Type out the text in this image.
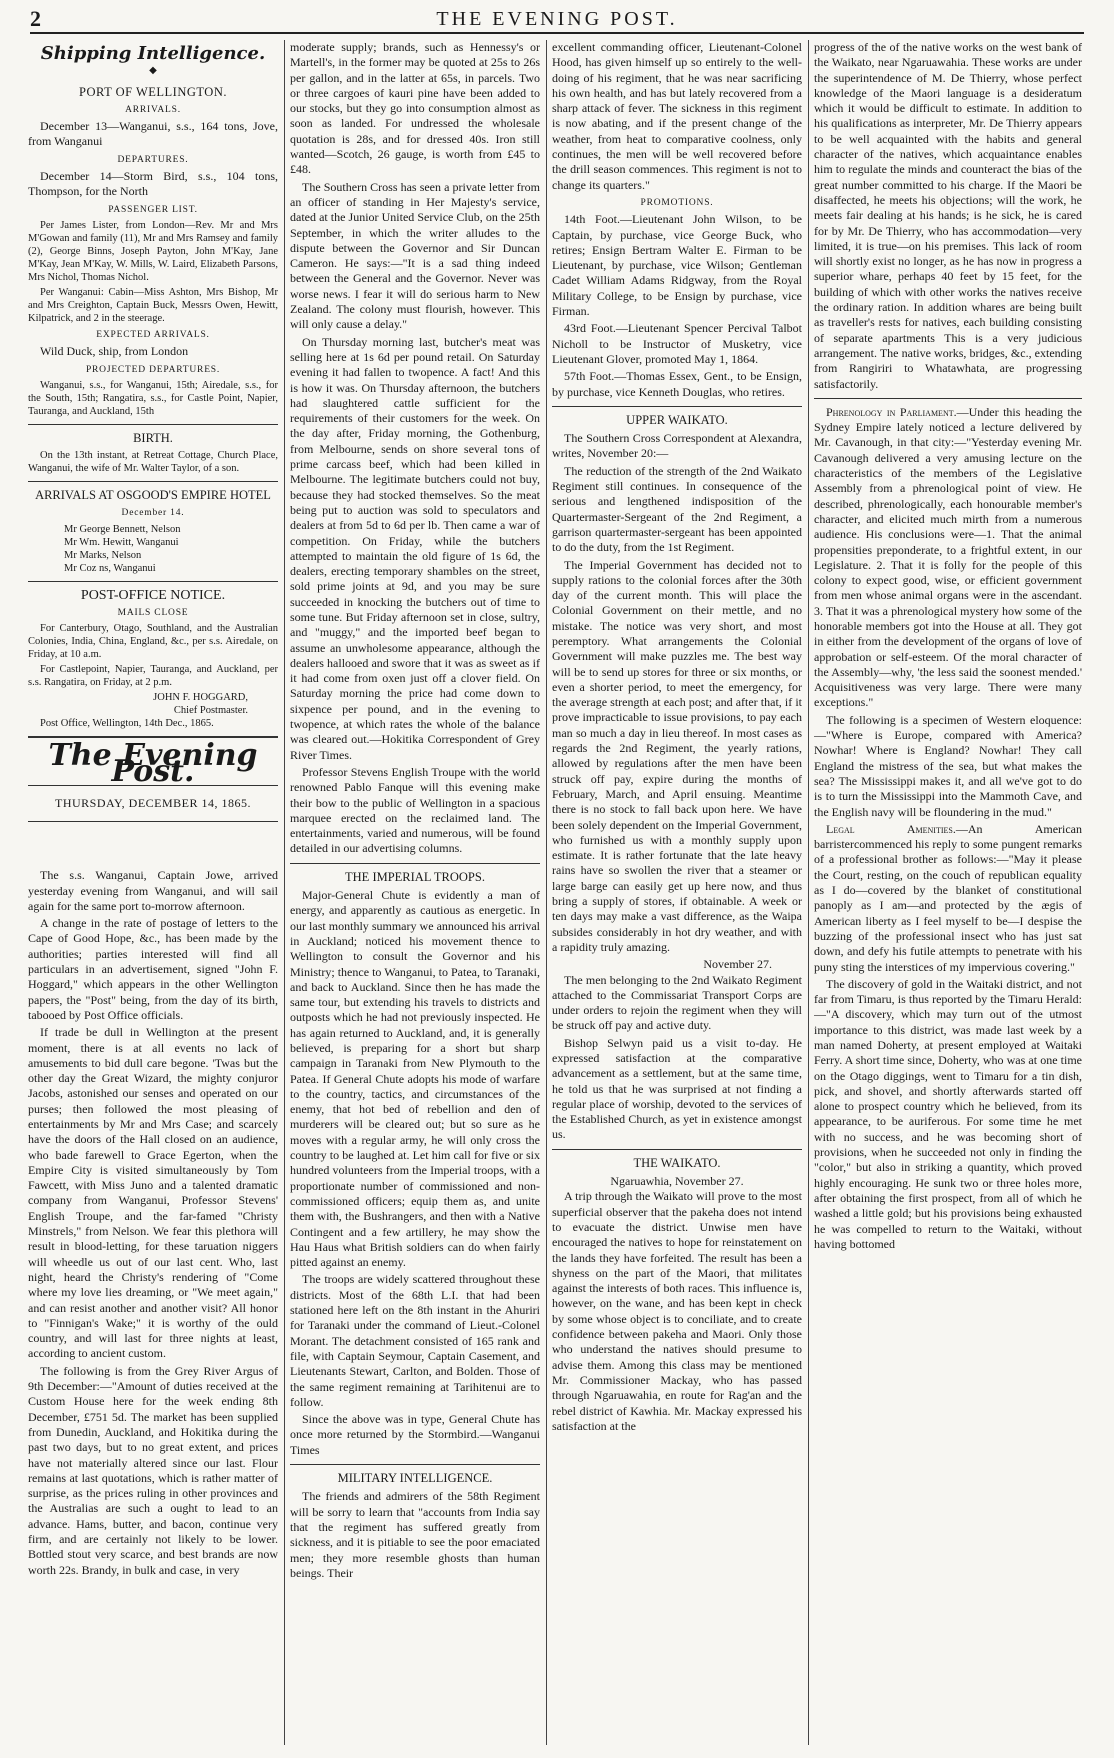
2	THE EVENING POST.
Shipping Intelligence.
◆
PORT OF WELLINGTON.
ARRIVALS.

December 13—Wanganui, s.s., 164 tons, Jove, from Wanganui

DEPARTURES.

December 14—Storm Bird, s.s., 104 tons, Thompson, for the North

PASSENGER LIST.

Per James Lister, from London—Rev. Mr and Mrs M'Gowan and family (11), Mr and Mrs Ramsey and family (2), George Binns, Joseph Payton, John M'Kay, Jane M'Kay, Jean M'Kay, W. Mills, W. Laird, Elizabeth Parsons, Mrs Nichol, Thomas Nichol.

Per Wanganui: Cabin—Miss Ashton, Mrs Bishop, Mr and Mrs Creighton, Captain Buck, Messrs Owen, Hewitt, Kilpatrick, and 2 in the steerage.

EXPECTED ARRIVALS.

Wild Duck, ship, from London

PROJECTED DEPARTURES.

Wanganui, s.s., for Wanganui, 15th; Airedale, s.s., for the South, 15th; Rangatira, s.s., for Castle Point, Napier, Tauranga, and Auckland, 15th

BIRTH.

On the 13th instant, at Retreat Cottage, Church Place, Wanganui, the wife of Mr. Walter Taylor, of a son.

ARRIVALS AT OSGOOD'S EMPIRE HOTEL
December 14.
Mr George Bennett, Nelson
Mr Wm. Hewitt, Wanganui
Mr Marks, Nelson
Mr Coz ns, Wanganui
POST-OFFICE NOTICE.
MAILS CLOSE

For Canterbury, Otago, Southland, and the Australian Colonies, India, China, England, &c., per s.s. Airedale, on Friday, at 10 a.m.

For Castlepoint, Napier, Tauranga, and Auckland, per s.s. Rangatira, on Friday, at 2 p.m.

JOHN F. HOGGARD,
Chief Postmaster.

Post Office, Wellington, 14th Dec., 1865.

The Evening Post.
THURSDAY, DECEMBER 14, 1865.

The s.s. Wanganui, Captain Jowe, arrived yesterday evening from Wanganui, and will sail again for the same port to-morrow afternoon.

A change in the rate of postage of letters to the Cape of Good Hope, &c., has been made by the authorities; parties interested will find all particulars in an advertisement, signed "John F. Hoggard," which appears in the other Wellington papers, the "Post" being, from the day of its birth, tabooed by Post Office officials.

If trade be dull in Wellington at the present moment, there is at all events no lack of amusements to bid dull care begone. 'Twas but the other day the Great Wizard, the mighty conjuror Jacobs, astonished our senses and operated on our purses; then followed the most pleasing of entertainments by Mr and Mrs Case; and scarcely have the doors of the Hall closed on an audience, who bade farewell to Grace Egerton, when the Empire City is visited simultaneously by Tom Fawcett, with Miss Juno and a talented dramatic company from Wanganui, Professor Stevens' English Troupe, and the far-famed "Christy Minstrels," from Nelson. We fear this plethora will result in blood-letting, for these taruation niggers will wheedle us out of our last cent. Who, last night, heard the Christy's rendering of "Come where my love lies dreaming, or "We meet again," and can resist another and another visit? All honor to "Finnigan's Wake;" it is worthy of the ould country, and will last for three nights at least, according to ancient custom.

The following is from the Grey River Argus of 9th December:—"Amount of duties received at the Custom House here for the week ending 8th December, £751 5d. The market has been supplied from Dunedin, Auckland, and Hokitika during the past two days, but to no great extent, and prices have not materially altered since our last. Flour remains at last quotations, which is rather matter of surprise, as the prices ruling in other provinces and the Australias are such a ought to lead to an advance. Hams, butter, and bacon, continue very firm, and are certainly not likely to be lower. Bottled stout very scarce, and best brands are now worth 22s. Brandy, in bulk and case, in very

moderate supply; brands, such as Hennessy's or Martell's, in the former may be quoted at 25s to 26s per gallon, and in the latter at 65s, in parcels. Two or three cargoes of kauri pine have been added to our stocks, but they go into consumption almost as soon as landed. For undressed the wholesale quotation is 28s, and for dressed 40s. Iron still wanted—Scotch, 26 gauge, is worth from £45 to £48.

The Southern Cross has seen a private letter from an officer of standing in Her Majesty's service, dated at the Junior United Service Club, on the 25th September, in which the writer alludes to the dispute between the Governor and Sir Duncan Cameron. He says:—"It is a sad thing indeed between the General and the Governor. Never was worse news. I fear it will do serious harm to New Zealand. The colony must flourish, however. This will only cause a delay."

On Thursday morning last, butcher's meat was selling here at 1s 6d per pound retail. On Saturday evening it had fallen to twopence. A fact! And this is how it was. On Thursday afternoon, the butchers had slaughtered cattle sufficient for the requirements of their customers for the week. On the day after, Friday morning, the Gothenburg, from Melbourne, sends on shore several tons of prime carcass beef, which had been killed in Melbourne. The legitimate butchers could not buy, because they had stocked themselves. So the meat being put to auction was sold to speculators and dealers at from 5d to 6d per lb. Then came a war of competition. On Friday, while the butchers attempted to maintain the old figure of 1s 6d, the dealers, erecting temporary shambles on the street, sold prime joints at 9d, and you may be sure succeeded in knocking the butchers out of time to some tune. But Friday afternoon set in close, sultry, and "muggy," and the imported beef began to assume an unwholesome appearance, although the dealers hallooed and swore that it was as sweet as if it had come from oxen just off a clover field. On Saturday morning the price had come down to sixpence per pound, and in the evening to twopence, at which rates the whole of the balance was cleared out.—Hokitika Correspondent of Grey River Times.

Professor Stevens English Troupe with the world renowned Pablo Fanque will this evening make their bow to the public of Wellington in a spacious marquee erected on the reclaimed land. The entertainments, varied and numerous, will be found detailed in our advertising columns.

THE IMPERIAL TROOPS.

Major-General Chute is evidently a man of energy, and apparently as cautious as energetic. In our last monthly summary we announced his arrival in Auckland; noticed his movement thence to Wellington to consult the Governor and his Ministry; thence to Wanganui, to Patea, to Taranaki, and back to Auckland. Since then he has made the same tour, but extending his travels to districts and outposts which he had not previously inspected. He has again returned to Auckland, and, it is generally believed, is preparing for a short but sharp campaign in Taranaki from New Plymouth to the Patea. If General Chute adopts his mode of warfare to the country, tactics, and circumstances of the enemy, that hot bed of rebellion and den of murderers will be cleared out; but so sure as he moves with a regular army, he will only cross the country to be laughed at. Let him call for five or six hundred volunteers from the Imperial troops, with a proportionate number of commissioned and non-commissioned officers; equip them as, and unite them with, the Bushrangers, and then with a Native Contingent and a few artillery, he may show the Hau Haus what British soldiers can do when fairly pitted against an enemy.

The troops are widely scattered throughout these districts. Most of the 68th L.I. that had been stationed here left on the 8th instant in the Ahuriri for Taranaki under the command of Lieut.-Colonel Morant. The detachment consisted of 165 rank and file, with Captain Seymour, Captain Casement, and Lieutenants Stewart, Carlton, and Bolden. Those of the same regiment remaining at Tarihitenui are to follow.

Since the above was in type, General Chute has once more returned by the Stormbird.—Wanganui Times

MILITARY INTELLIGENCE.

The friends and admirers of the 58th Regiment will be sorry to learn that "accounts from India say that the regiment has suffered greatly from sickness, and it is pitiable to see the poor emaciated men; they more resemble ghosts than human beings. Their

excellent commanding officer, Lieutenant-Colonel Hood, has given himself up so entirely to the well-doing of his regiment, that he was near sacrificing his own health, and has but lately recovered from a sharp attack of fever. The sickness in this regiment is now abating, and if the present change of the weather, from heat to comparative coolness, only continues, the men will be well recovered before the drill season commences. This regiment is not to change its quarters."

PROMOTIONS.

14th Foot.—Lieutenant John Wilson, to be Captain, by purchase, vice George Buck, who retires; Ensign Bertram Walter E. Firman to be Lieutenant, by purchase, vice Wilson; Gentleman Cadet William Adams Ridgway, from the Royal Military College, to be Ensign by purchase, vice Firman.

43rd Foot.—Lieutenant Spencer Percival Talbot Nicholl to be Instructor of Musketry, vice Lieutenant Glover, promoted May 1, 1864.

57th Foot.—Thomas Essex, Gent., to be Ensign, by purchase, vice Kenneth Douglas, who retires.

UPPER WAIKATO.

The Southern Cross Correspondent at Alexandra, writes, November 20:—

The reduction of the strength of the 2nd Waikato Regiment still continues. In consequence of the serious and lengthened indisposition of the Quartermaster-Sergeant of the 2nd Regiment, a garrison quartermaster-sergeant has been appointed to do the duty, from the 1st Regiment.

The Imperial Government has decided not to supply rations to the colonial forces after the 30th day of the current month. This will place the Colonial Government on their mettle, and no mistake. The notice was very short, and most peremptory. What arrangements the Colonial Government will make puzzles me. The best way will be to send up stores for three or six months, or even a shorter period, to meet the emergency, for the average strength at each post; and after that, if it prove impracticable to issue provisions, to pay each man so much a day in lieu thereof. In most cases as regards the 2nd Regiment, the yearly rations, allowed by regulations after the men have been struck off pay, expire during the months of February, March, and April ensuing. Meantime there is no stock to fall back upon here. We have been solely dependent on the Imperial Government, who furnished us with a monthly supply upon estimate. It is rather fortunate that the late heavy rains have so swollen the river that a steamer or large barge can easily get up here now, and thus bring a supply of stores, if obtainable. A week or ten days may make a vast difference, as the Waipa subsides considerably in hot dry weather, and with a rapidity truly amazing.

November 27.

The men belonging to the 2nd Waikato Regiment attached to the Commissariat Transport Corps are under orders to rejoin the regiment when they will be struck off pay and active duty.

Bishop Selwyn paid us a visit to-day. He expressed satisfaction at the comparative advancement as a settlement, but at the same time, he told us that he was surprised at not finding a regular place of worship, devoted to the services of the Established Church, as yet in existence amongst us.

THE WAIKATO.
Ngaruawhia, November 27.

A trip through the Waikato will prove to the most superficial observer that the pakeha does not intend to evacuate the district. Unwise men have encouraged the natives to hope for reinstatement on the lands they have forfeited. The result has been a shyness on the part of the Maori, that militates against the interests of both races. This influence is, however, on the wane, and has been kept in check by some whose object is to conciliate, and to create confidence between pakeha and Maori. Only those who understand the natives should presume to advise them. Among this class may be mentioned Mr. Commissioner Mackay, who has passed through Ngaruawahia, en route for Rag'an and the rebel district of Kawhia. Mr. Mackay expressed his satisfaction at the

progress of the of the native works on the west bank of the Waikato, near Ngaruawahia. These works are under the superintendence of M. De Thierry, whose perfect knowledge of the Maori language is a desideratum which it would be difficult to estimate. In addition to his qualifications as interpreter, Mr. De Thierry appears to be well acquainted with the habits and general character of the natives, which acquaintance enables him to regulate the minds and counteract the bias of the great number committed to his charge. If the Maori be disaffected, he meets his objections; will the work, he meets fair dealing at his hands; is he sick, he is cared for by Mr. De Thierry, who has accommodation—very limited, it is true—on his premises. This lack of room will shortly exist no longer, as he has now in progress a superior whare, perhaps 40 feet by 15 feet, for the building of which with other works the natives receive the ordinary ration. In addition whares are being built as traveller's rests for natives, each building consisting of separate apartments This is a very judicious arrangement. The native works, bridges, &c., extending from Rangiriri to Whatawhata, are progressing satisfactorily.

Phrenology in Parliament.—Under this heading the Sydney Empire lately noticed a lecture delivered by Mr. Cavanough, in that city:—"Yesterday evening Mr. Cavanough delivered a very amusing lecture on the characteristics of the members of the Legislative Assembly from a phrenological point of view. He described, phrenologically, each honourable member's character, and elicited much mirth from a numerous audience. His conclusions were—1. That the animal propensities preponderate, to a frightful extent, in our Legislature. 2. That it is folly for the people of this colony to expect good, wise, or efficient government from men whose animal organs were in the ascendant. 3. That it was a phrenological mystery how some of the honorable members got into the House at all. They got in either from the development of the organs of love of approbation or self-esteem. Of the moral character of the Assembly—why, 'the less said the soonest mended.' Acquisitiveness was very large. There were many exceptions."

The following is a specimen of Western eloquence:—"Where is Europe, compared with America? Nowhar! Where is England? Nowhar! They call England the mistress of the sea, but what makes the sea? The Mississippi makes it, and all we've got to do is to turn the Mississippi into the Mammoth Cave, and the English navy will be floundering in the mud."

Legal Amenities.—An American barristercommenced his reply to some pungent remarks of a professional brother as follows:—"May it please the Court, resting, on the couch of republican equality as I do—covered by the blanket of constitutional panoply as I am—and protected by the ægis of American liberty as I feel myself to be—I despise the buzzing of the professional insect who has just sat down, and defy his futile attempts to penetrate with his puny sting the interstices of my impervious covering."

The discovery of gold in the Waitaki district, and not far from Timaru, is thus reported by the Timaru Herald:—"A discovery, which may turn out of the utmost importance to this district, was made last week by a man named Doherty, at present employed at Waitaki Ferry. A short time since, Doherty, who was at one time on the Otago diggings, went to Timaru for a tin dish, pick, and shovel, and shortly afterwards started off alone to prospect country which he believed, from its appearance, to be auriferous. For some time he met with no success, and he was becoming short of provisions, when he succeeded not only in finding the "color," but also in striking a quantity, which proved highly encouraging. He sunk two or three holes more, after obtaining the first prospect, from all of which he washed a little gold; but his provisions being exhausted he was compelled to return to the Waitaki, without having bottomed
